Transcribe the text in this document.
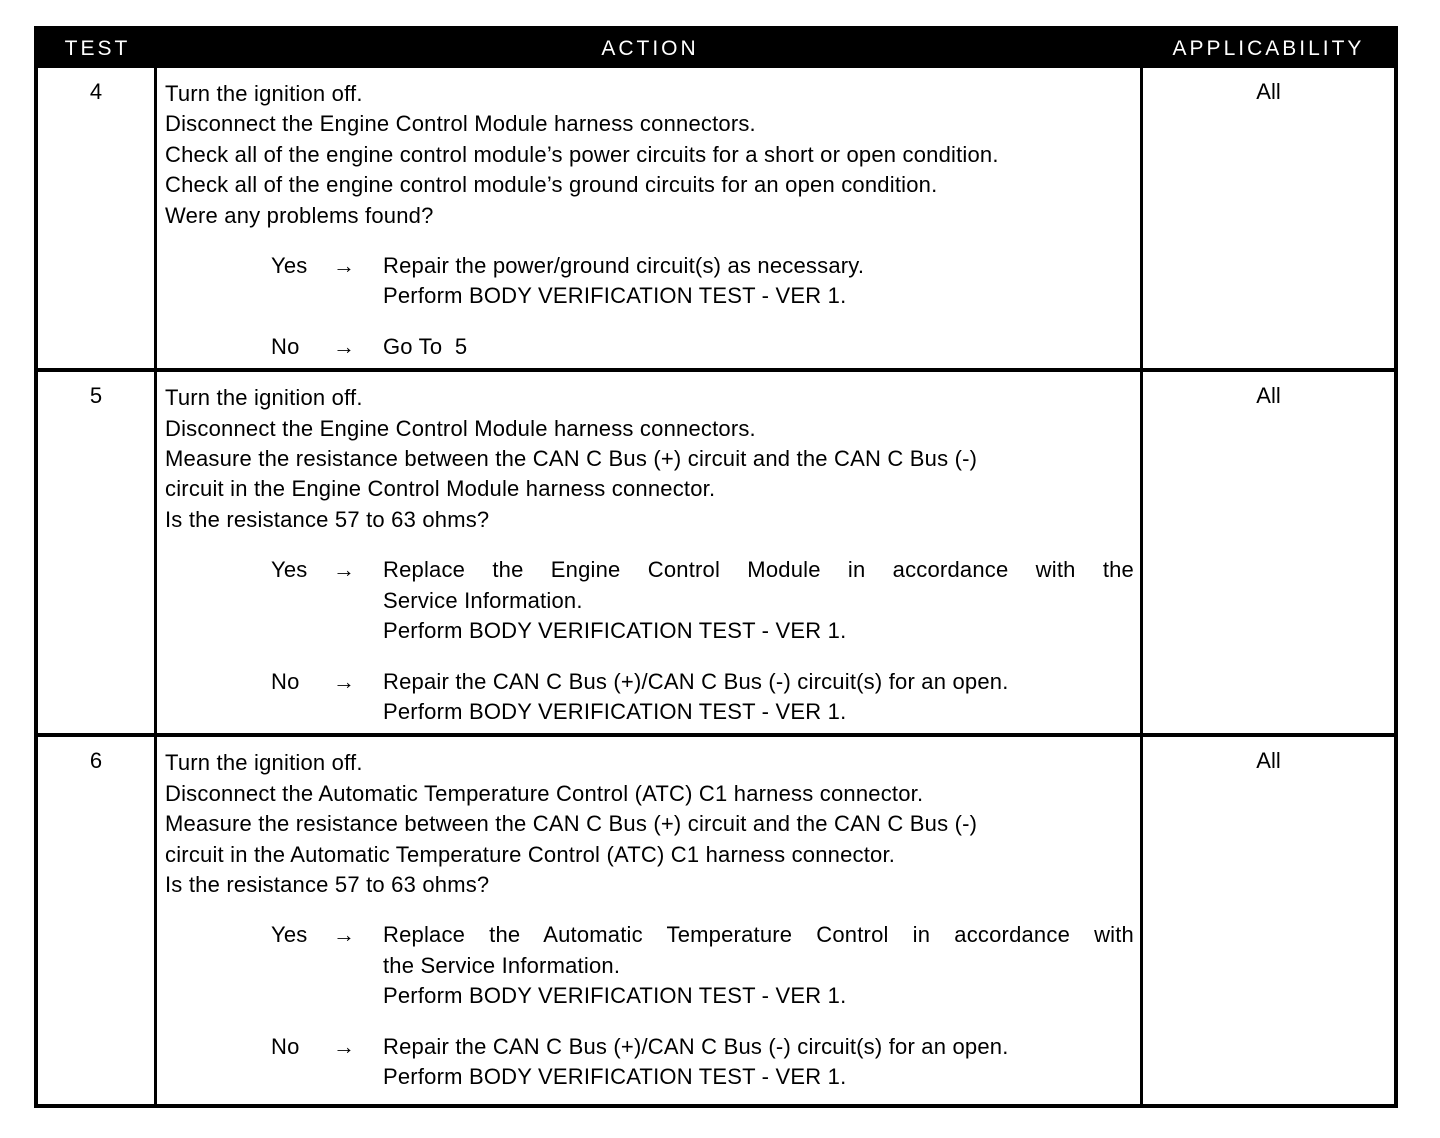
TEST	ACTION	APPLICABILITY
4	Turn the ignition off.
Disconnect the Engine Control Module harness connectors.
Check all of the engine control module’s power circuits for a short or open condition.
Check all of the engine control module’s ground circuits for an open condition.
Were any problems found?
Yes	→	Repair the power/ground circuit(s) as necessary.
Perform BODY VERIFICATION TEST - VER 1.
No	→	Go To  5
All
5	Turn the ignition off.
Disconnect the Engine Control Module harness connectors.
Measure the resistance between the CAN C Bus (+) circuit and the CAN C Bus (-)
circuit in the Engine Control Module harness connector.
Is the resistance 57 to 63 ohms?
Yes	→	Replace the Engine Control Module in accordance with the
Service Information.
Perform BODY VERIFICATION TEST - VER 1.
No	→	Repair the CAN C Bus (+)/CAN C Bus (-) circuit(s) for an open.
Perform BODY VERIFICATION TEST - VER 1.
All
6	Turn the ignition off.
Disconnect the Automatic Temperature Control (ATC) C1 harness connector.
Measure the resistance between the CAN C Bus (+) circuit and the CAN C Bus (-)
circuit in the Automatic Temperature Control (ATC) C1 harness connector.
Is the resistance 57 to 63 ohms?
Yes	→	Replace the Automatic Temperature Control in accordance with
the Service Information.
Perform BODY VERIFICATION TEST - VER 1.
No	→	Repair the CAN C Bus (+)/CAN C Bus (-) circuit(s) for an open.
Perform BODY VERIFICATION TEST - VER 1.
All
